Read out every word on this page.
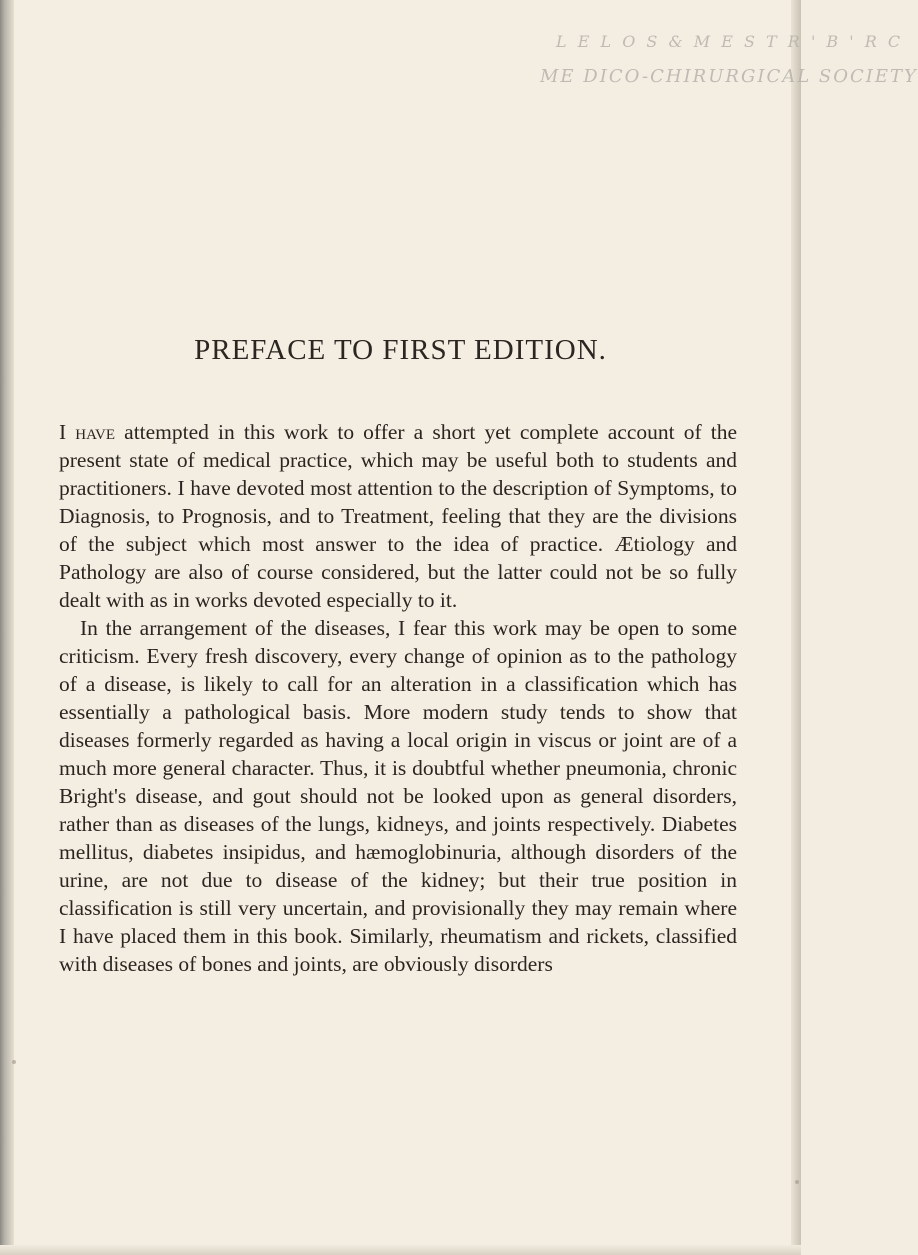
L E L O S & M E S T R ' B ' R C
ME DICO-CHIRURGICAL SOCIETY
PREFACE TO FIRST EDITION.

I have attempted in this work to offer a short yet complete account of the present state of medical practice, which may be useful both to students and practitioners. I have devoted most attention to the description of Symptoms, to Diagnosis, to Prognosis, and to Treatment, feeling that they are the divisions of the subject which most answer to the idea of practice. Ætiology and Pathology are also of course considered, but the latter could not be so fully dealt with as in works devoted especially to it.

In the arrangement of the diseases, I fear this work may be open to some criticism. Every fresh discovery, every change of opinion as to the pathology of a disease, is likely to call for an alteration in a classification which has essentially a pathological basis. More modern study tends to show that diseases formerly regarded as having a local origin in viscus or joint are of a much more general character. Thus, it is doubtful whether pneumonia, chronic Bright's disease, and gout should not be looked upon as general disorders, rather than as diseases of the lungs, kidneys, and joints respectively. Diabetes mellitus, diabetes insipidus, and hæmoglobinuria, although disorders of the urine, are not due to disease of the kidney; but their true position in classification is still very uncertain, and provisionally they may remain where I have placed them in this book. Similarly, rheumatism and rickets, classified with diseases of bones and joints, are obviously disorders
